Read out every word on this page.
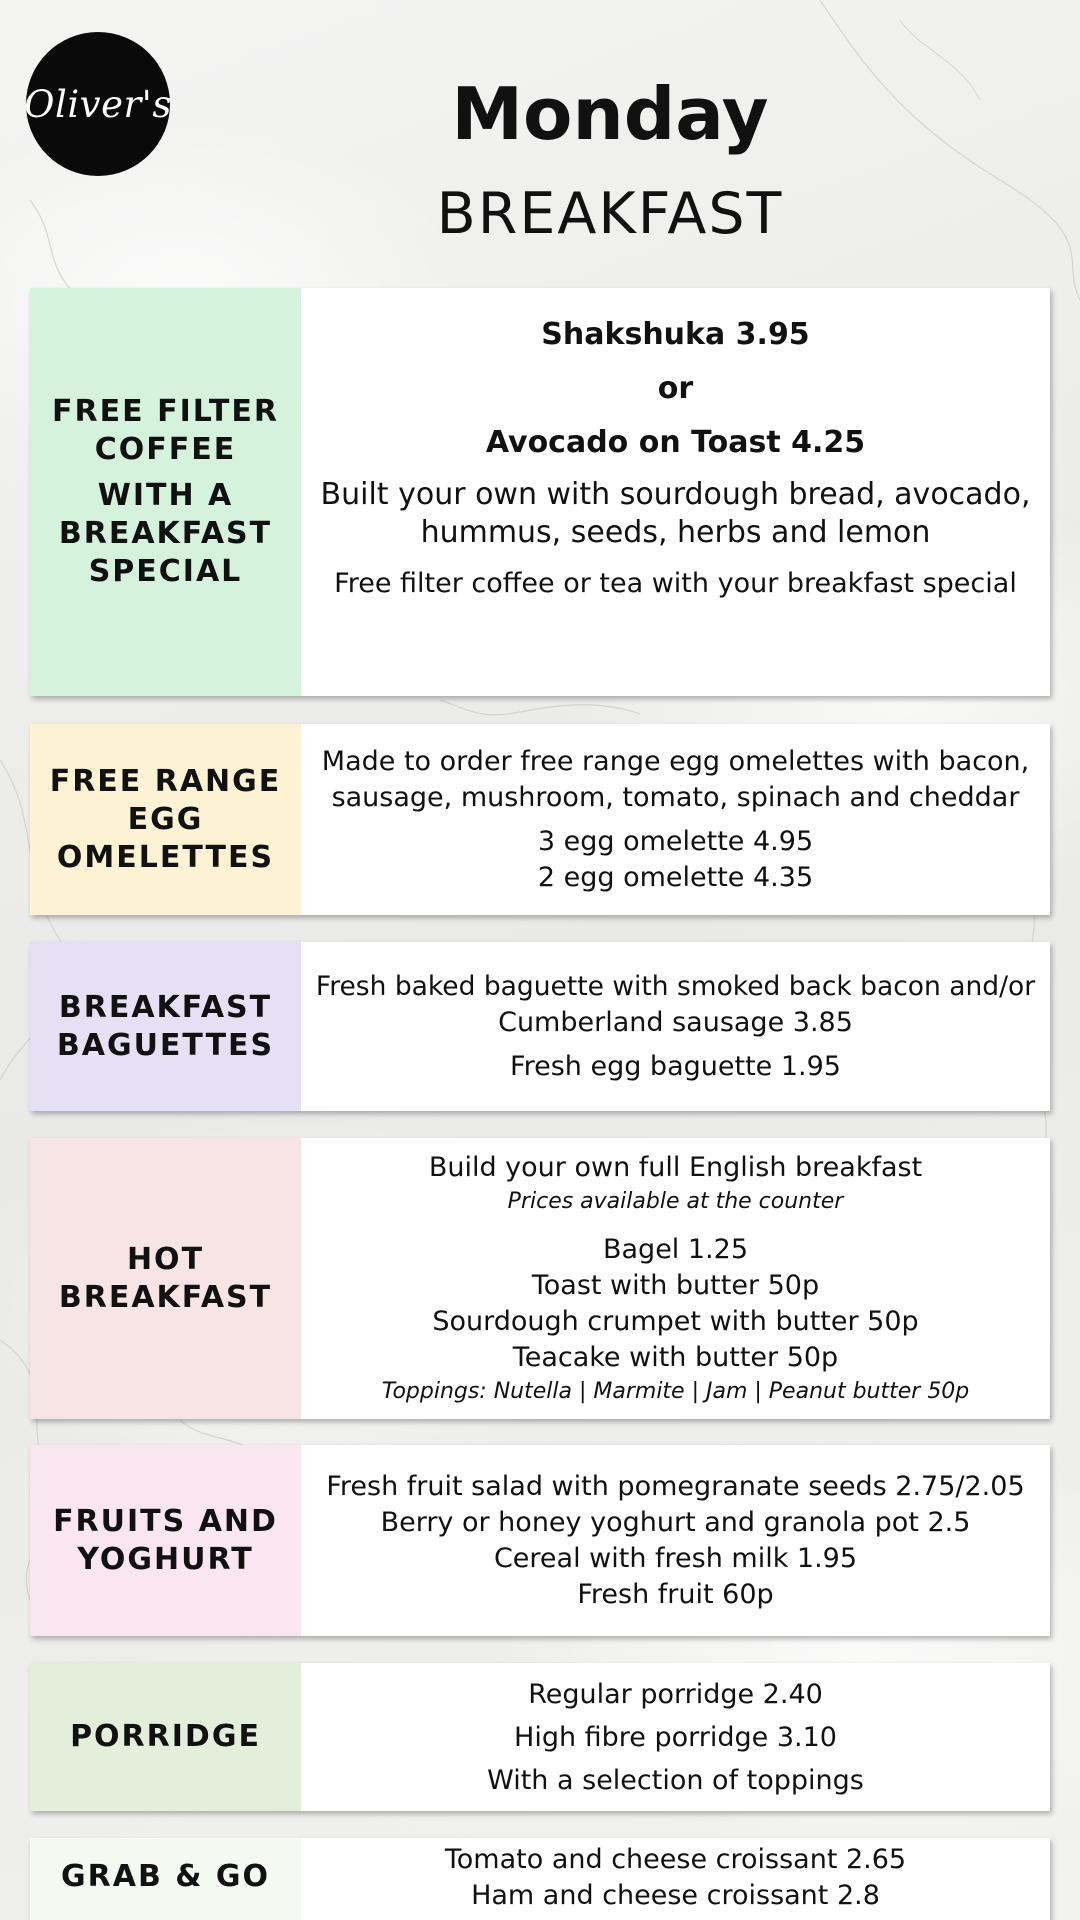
Oliver's	Monday
BREAKFAST
FREE FILTER
COFFEE
WITH A
BREAKFAST
SPECIAL
Shakshuka 3.95
or
Avocado on Toast 4.25
Built your own with sourdough bread, avocado,
hummus, seeds, herbs and lemon
Free filter coffee or tea with your breakfast special
FREE RANGE
EGG
OMELETTES
Made to order free range egg omelettes with bacon,
sausage, mushroom, tomato, spinach and cheddar
3 egg omelette 4.95
2 egg omelette 4.35
BREAKFAST
BAGUETTES
Fresh baked baguette with smoked back bacon and/or
Cumberland sausage 3.85
Fresh egg baguette 1.95
HOT
BREAKFAST
Build your own full English breakfast
Prices available at the counter
Bagel 1.25
Toast with butter 50p
Sourdough crumpet with butter 50p
Teacake with butter 50p
Toppings: Nutella | Marmite | Jam | Peanut butter 50p
FRUITS AND
YOGHURT
Fresh fruit salad with pomegranate seeds 2.75/2.05
Berry or honey yoghurt and granola pot 2.5
Cereal with fresh milk 1.95
Fresh fruit 60p
PORRIDGE
Regular porridge 2.40
High fibre porridge 3.10
With a selection of toppings
GRAB & GO	Tomato and cheese croissant 2.65
Ham and cheese croissant 2.8
